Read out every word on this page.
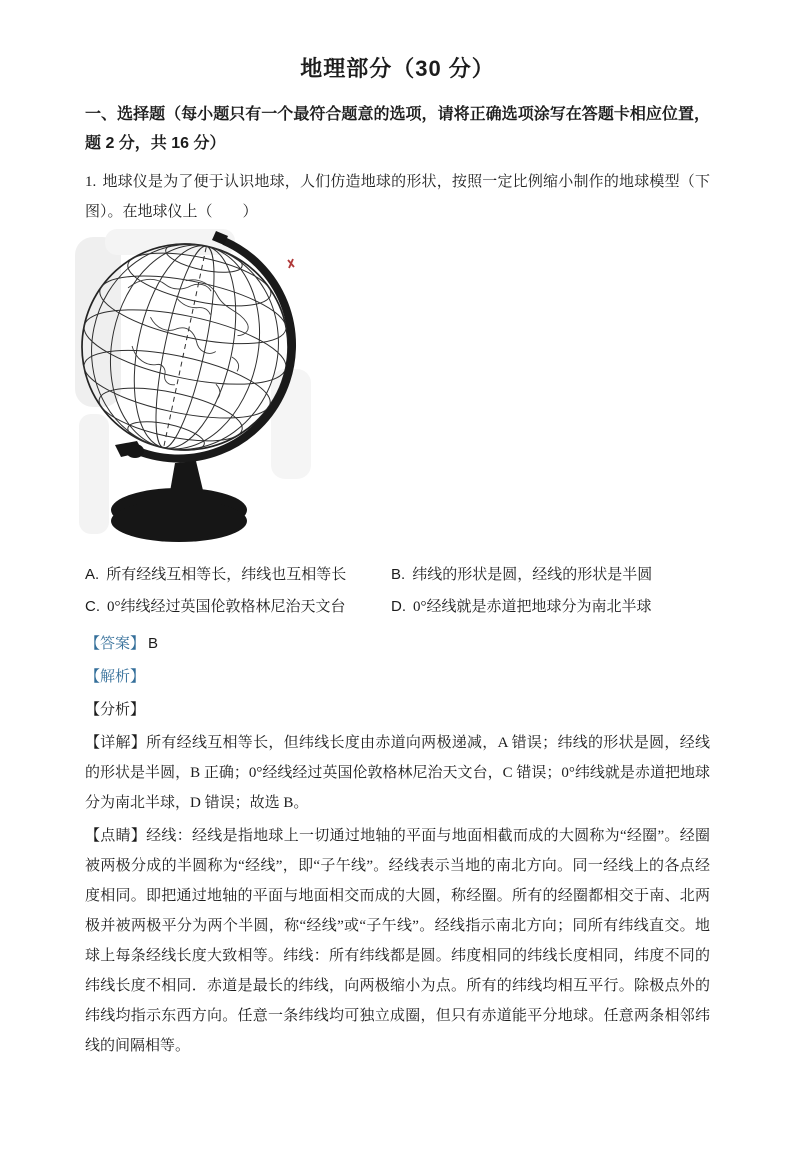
地理部分（30 分）
一、选择题（每小题只有一个最符合题意的选项，请将正确选项涂写在答题卡相应位置，题 2 分，共 16 分）

1. 地球仪是为了便于认识地球，人们仿造地球的形状，按照一定比例缩小制作的地球模型（下图）。在地球仪上（　　）

A. 所有经线互相等长，纬线也互相等长	B. 纬线的形状是圆，经线的形状是半圆
C. 0°纬线经过英国伦敦格林尼治天文台	D. 0°经线就是赤道把地球分为南北半球

【答案】 B

【解析】

【分析】

【详解】所有经线互相等长，但纬线长度由赤道向两极递减，A 错误；纬线的形状是圆，经线的形状是半圆，B 正确；0°经线经过英国伦敦格林尼治天文台，C 错误；0°纬线就是赤道把地球分为南北半球，D 错误；故选 B。

【点睛】经线：经线是指地球上一切通过地轴的平面与地面相截而成的大圆称为“经圈”。经圈被两极分成的半圆称为“经线”，即“子午线”。经线表示当地的南北方向。同一经线上的各点经度相同。即把通过地轴的平面与地面相交而成的大圆，称经圈。所有的经圈都相交于南、北两极并被两极平分为两个半圆，称“经线”或“子午线”。经线指示南北方向；同所有纬线直交。地球上每条经线长度大致相等。纬线：所有纬线都是圆。纬度相同的纬线长度相同，纬度不同的纬线长度不相同．赤道是最长的纬线，向两极缩小为点。所有的纬线均相互平行。除极点外的纬线均指示东西方向。任意一条纬线均可独立成圈，但只有赤道能平分地球。任意两条相邻纬线的间隔相等。
